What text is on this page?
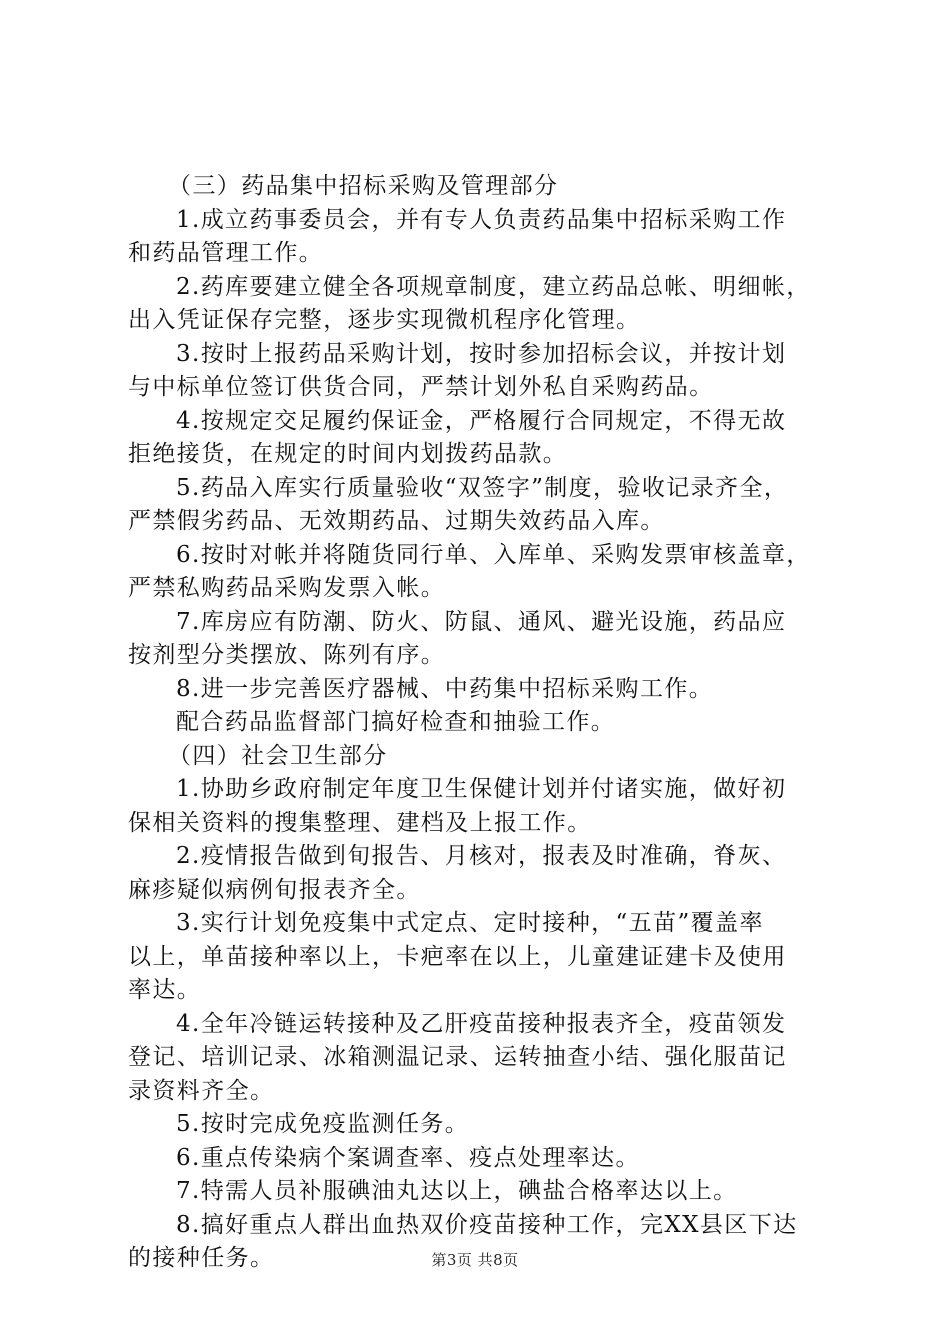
（三）药品集中招标采购及管理部分
1.成立药事委员会，并有专人负责药品集中招标采购工作
和药品管理工作。
2.药库要建立健全各项规章制度，建立药品总帐、明细帐，
出入凭证保存完整，逐步实现微机程序化管理。
3.按时上报药品采购计划，按时参加招标会议，并按计划
与中标单位签订供货合同，严禁计划外私自采购药品。
4.按规定交足履约保证金，严格履行合同规定，不得无故
拒绝接货，在规定的时间内划拨药品款。
5.药品入库实行质量验收“双签字”制度，验收记录齐全，
严禁假劣药品、无效期药品、过期失效药品入库。
6.按时对帐并将随货同行单、入库单、采购发票审核盖章，
严禁私购药品采购发票入帐。
7.库房应有防潮、防火、防鼠、通风、避光设施，药品应
按剂型分类摆放、陈列有序。
8.进一步完善医疗器械、中药集中招标采购工作。
配合药品监督部门搞好检查和抽验工作。
（四）社会卫生部分
1.协助乡政府制定年度卫生保健计划并付诸实施，做好初
保相关资料的搜集整理、建档及上报工作。
2.疫情报告做到旬报告、月核对，报表及时准确，脊灰、
麻疹疑似病例旬报表齐全。
3.实行计划免疫集中式定点、定时接种，“五苗”覆盖率
以上，单苗接种率以上，卡疤率在以上，儿童建证建卡及使用
率达。
4.全年冷链运转接种及乙肝疫苗接种报表齐全，疫苗领发
登记、培训记录、冰箱测温记录、运转抽查小结、强化服苗记
录资料齐全。
5.按时完成免疫监测任务。
6.重点传染病个案调查率、疫点处理率达。
7.特需人员补服碘油丸达以上，碘盐合格率达以上。
8.搞好重点人群出血热双价疫苗接种工作，完XX县区下达
的接种任务。	第3页 共8页
